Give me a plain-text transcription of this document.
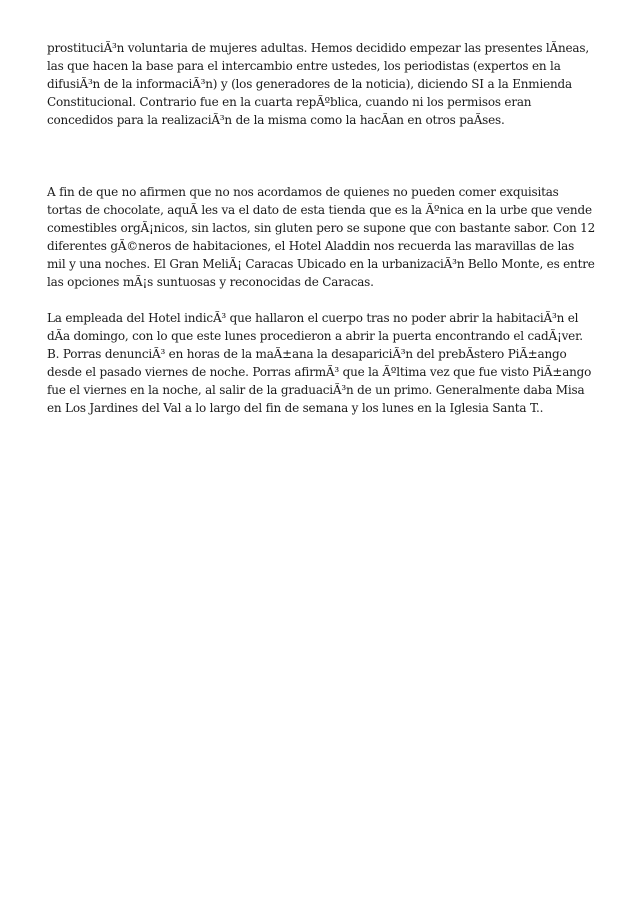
prostituciÃ³n voluntaria de mujeres adultas. Hemos decidido empezar las presentes lÃneas, las que hacen la base para el intercambio entre ustedes, los periodistas (expertos en la difusiÃ³n de la informaciÃ³n) y (los generadores de la noticia), diciendo SI a la Enmienda Constitucional. Contrario fue en la cuarta repÃºblica, cuando ni los permisos eran concedidos para la realizaciÃ³n de la misma como la hacÃan en otros paÃses.

A fin de que no afirmen que no nos acordamos de quienes no pueden comer exquisitas tortas de chocolate, aquÃ les va el dato de esta tienda que es la Ãºnica en la urbe que vende comestibles orgÃ¡nicos, sin lactos, sin gluten pero se supone que con bastante sabor. Con 12 diferentes gÃ©neros de habitaciones, el Hotel Aladdin nos recuerda las maravillas de las mil y una noches. El Gran MeliÃ¡ Caracas Ubicado en la urbanizaciÃ³n Bello Monte, es entre las opciones mÃ¡s suntuosas y reconocidas de Caracas.

La empleada del Hotel indicÃ³ que hallaron el cuerpo tras no poder abrir la habitaciÃ³n el dÃa domingo, con lo que este lunes procedieron a abrir la puerta encontrando el cadÃ¡ver. B. Porras denunciÃ³ en horas de la maÃ±ana la desapariciÃ³n del prebÃstero PiÃ±ango desde el pasado viernes de noche. Porras afirmÃ³ que la Ãºltima vez que fue visto PiÃ±ango fue el viernes en la noche, al salir de la graduaciÃ³n de un primo. Generalmente daba Misa en Los Jardines del Val a lo largo del fin de semana y los lunes en la Iglesia Santa T..
